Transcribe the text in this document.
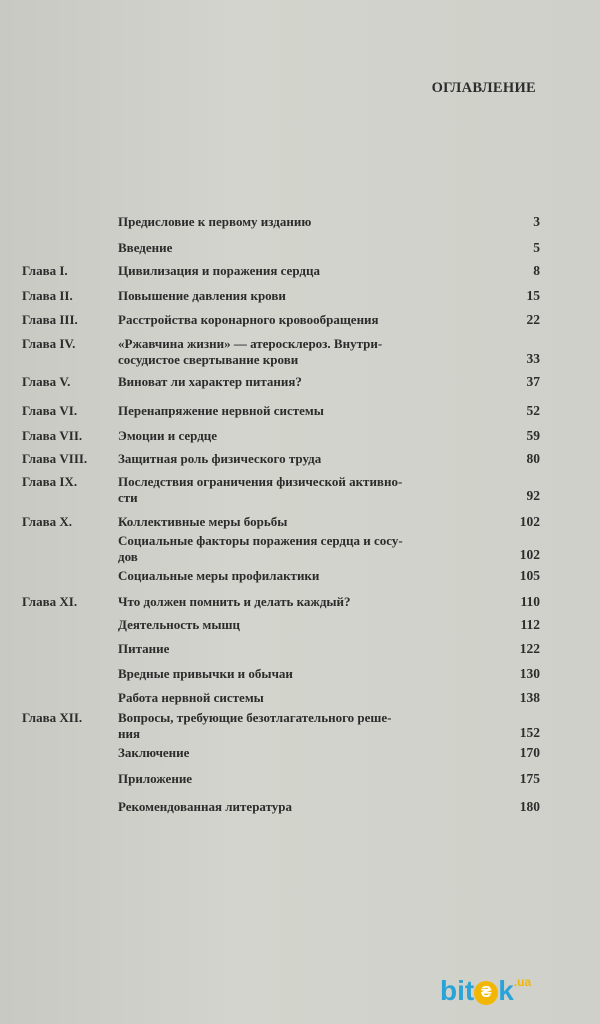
ОГЛАВЛЕНИЕ
Предисловие к первому изданию	3
Введение	5
Глава I.	Цивилизация и поражения сердца	8
Глава II.	Повышение давления крови	15
Глава III.	Расстройства коронарного кровообращения	22
Глава IV.	«Ржавчина жизни» — атеросклероз. Внутри-
сосудистое свертывание крови	33
Глава V.	Виноват ли характер питания?	37
Глава VI.	Перенапряжение нервной системы	52
Глава VII.	Эмоции и сердце	59
Глава VIII. Защитная роль физического труда	80
Глава IX.	Последствия ограничения физической активно-
сти	92
Глава X.	Коллективные меры борьбы	102
Социальные факторы поражения сердца и сосу-
дов	102
Социальные меры профилактики	105
Глава XI.	Что должен помнить и делать каждый?	110
Деятельность мышц	112
Питание	122
Вредные привычки и обычаи	130
Работа нервной системы	138
Глава XII.	Вопросы, требующие безотлагательного реше-
ния	152
Заключение	170
Приложение	175
Рекомендованная литература	180
bit ₴ $k^{.ua}$
